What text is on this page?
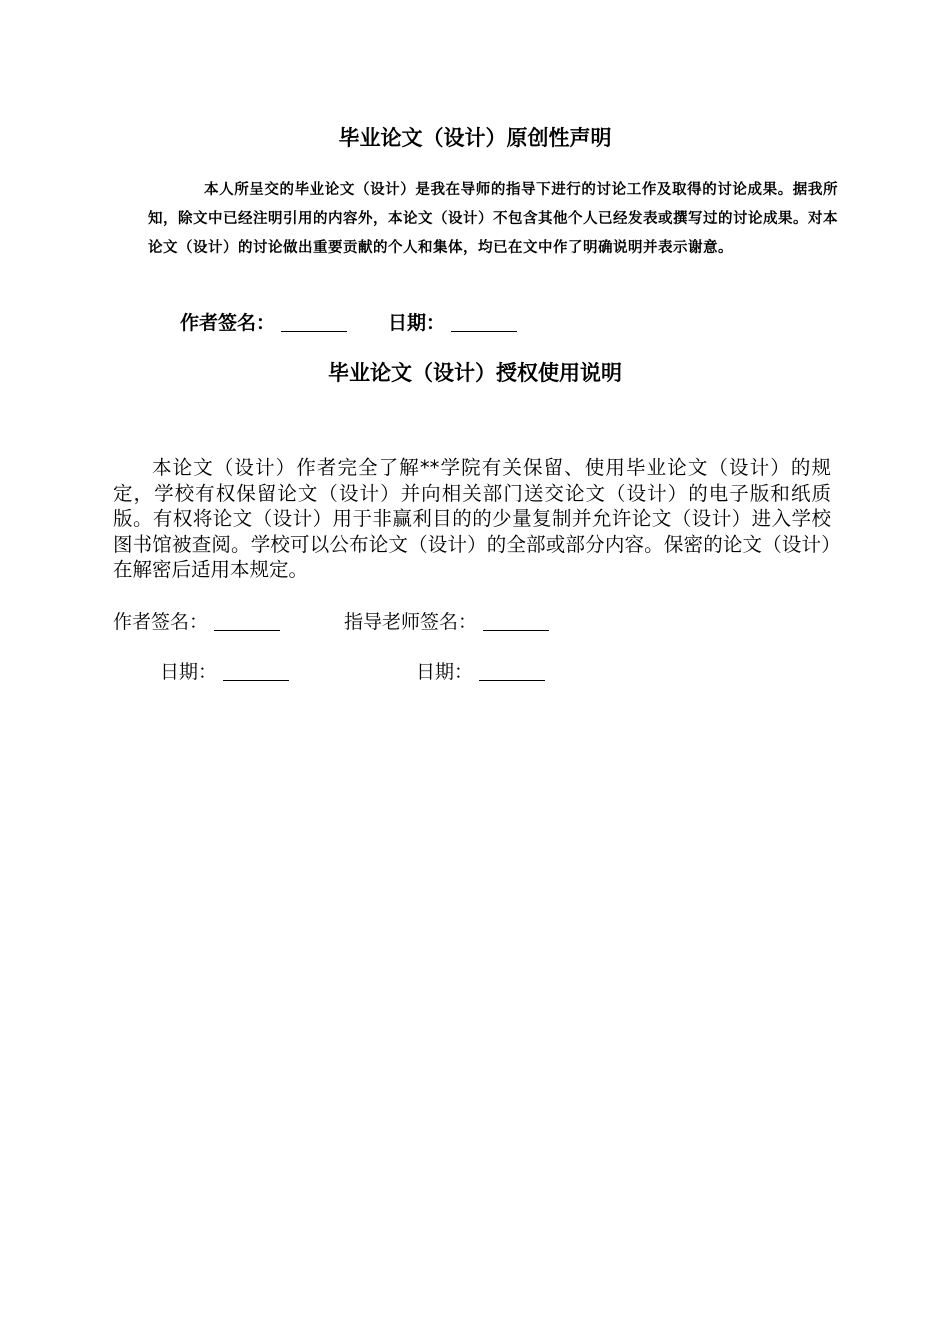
毕业论文（设计）原创性声明
本人所呈交的毕业论文（设计）是我在导师的指导下进行的讨论工作及取得的讨论成果。据我所知，除文中已经注明引用的内容外，本论文（设计）不包含其他个人已经发表或撰写过的讨论成果。对本论文（设计）的讨论做出重要贡献的个人和集体，均已在文中作了明确说明并表示谢意。
作者签名：	日期：
毕业论文（设计）授权使用说明
本论文（设计）作者完全了解**学院有关保留、使用毕业论文（设计）的规定，学校有权保留论文（设计）并向相关部门送交论文（设计）的电子版和纸质版。有权将论文（设计）用于非赢利目的的少量复制并允许论文（设计）进入学校图书馆被查阅。学校可以公布论文（设计）的全部或部分内容。保密的论文（设计）在解密后适用本规定。
作者签名：	指导老师签名：
日期：	日期：
